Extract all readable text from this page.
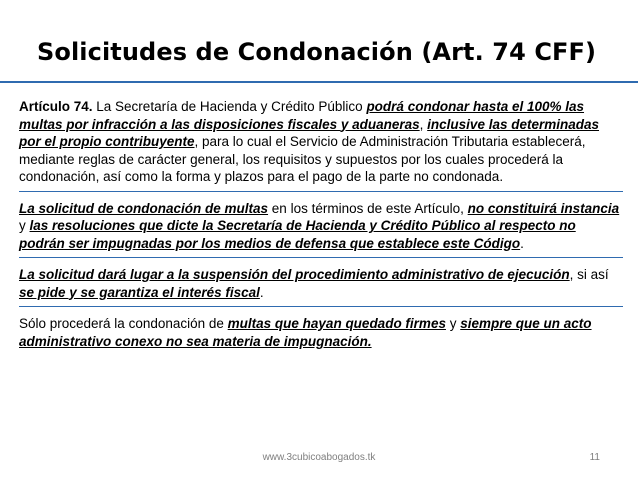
Solicitudes de Condonación (Art. 74 CFF)

Artículo 74. La Secretaría de Hacienda y Crédito Público podrá condonar hasta el 100% las multas por infracción a las disposiciones fiscales y aduaneras, inclusive las determinadas por el propio contribuyente, para lo cual el Servicio de Administración Tributaria establecerá, mediante reglas de carácter general, los requisitos y supuestos por los cuales procederá la condonación, así como la forma y plazos para el pago de la parte no condonada.

La solicitud de condonación de multas en los términos de este Artículo, no constituirá instancia y las resoluciones que dicte la Secretaría de Hacienda y Crédito Público al respecto no podrán ser impugnadas por los medios de defensa que establece este Código.

La solicitud dará lugar a la suspensión del procedimiento administrativo de ejecución, si así se pide y se garantiza el interés fiscal.

Sólo procederá la condonación de multas que hayan quedado firmes y siempre que un acto administrativo conexo no sea materia de impugnación.

www.3cubicoabogados.tk	11
